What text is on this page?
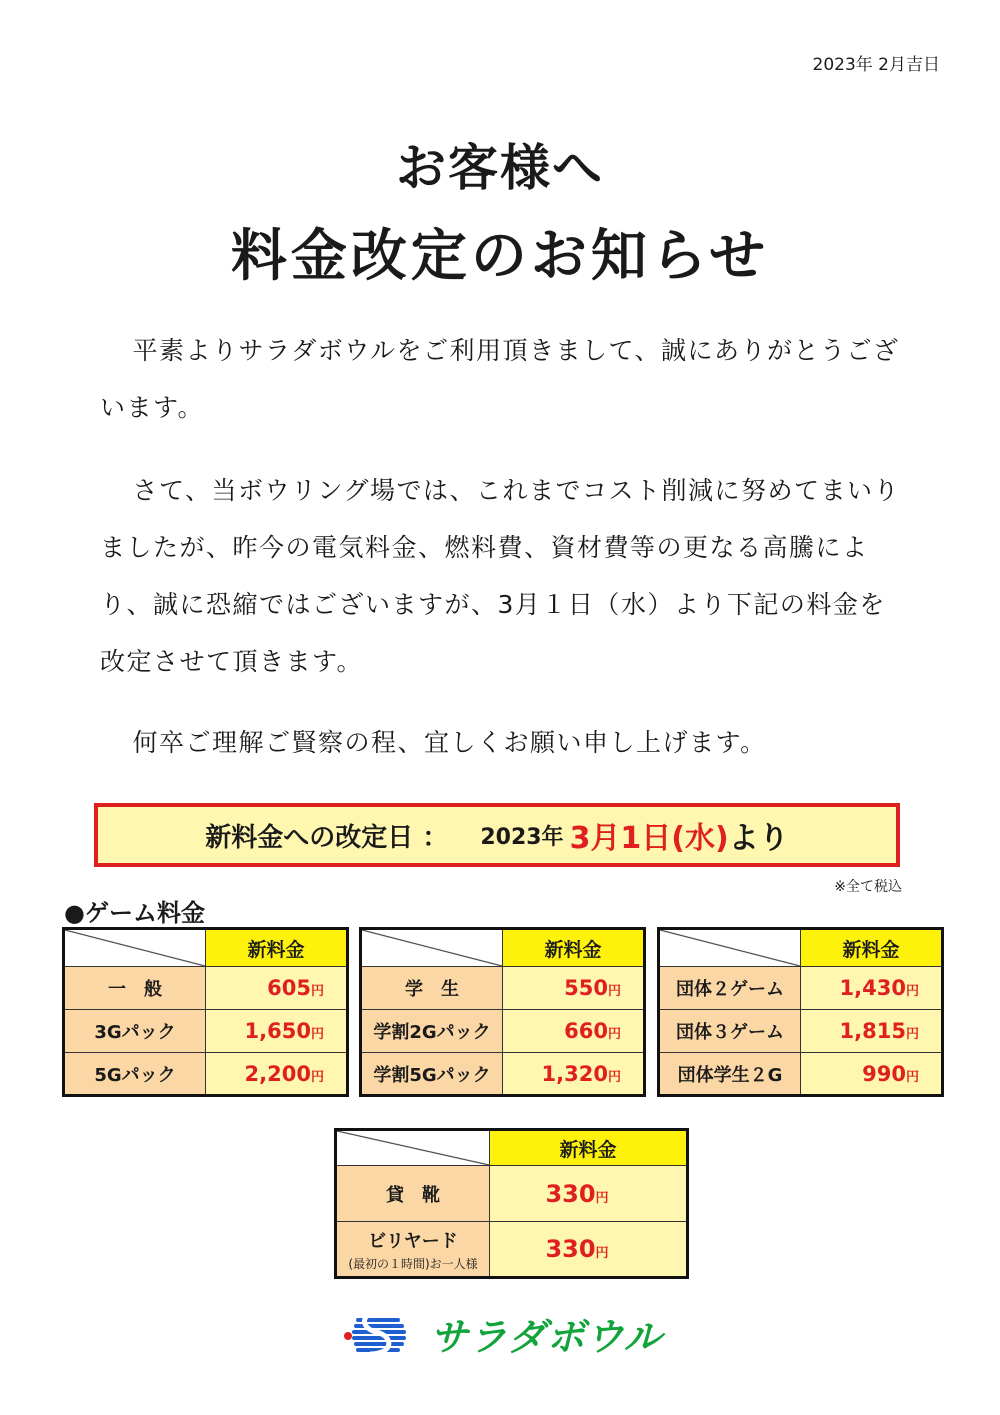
2023年 2月吉日
お客様へ
料金改定のお知らせ

平素よりサラダボウルをご利用頂きまして、誠にありがとうございます。

さて、当ボウリング場では、これまでコスト削減に努めてまいりましたが、昨今の電気料金、燃料費、資材費等の更なる高騰により、誠に恐縮ではございますが、3月１日（水）より下記の料金を改定させて頂きます。

何卒ご理解ご賢察の程、宜しくお願い申し上げます。

新料金への改定日 ： 2023年 3月1日(水) より
※全て税込
●ゲーム料金
	新料金
一　般	605円
3Gパック	1,650円
5Gパック	2,200円
	新料金
学　生	550円
学割2Gパック	660円
学割5Gパック	1,320円
	新料金
団体２ゲーム	1,430円
団体３ゲーム	1,815円
団体学生２G	990円
	新料金
貸　靴	330円
ビリヤード
(最初の１時間)お一人様	330円
サラダボウル
